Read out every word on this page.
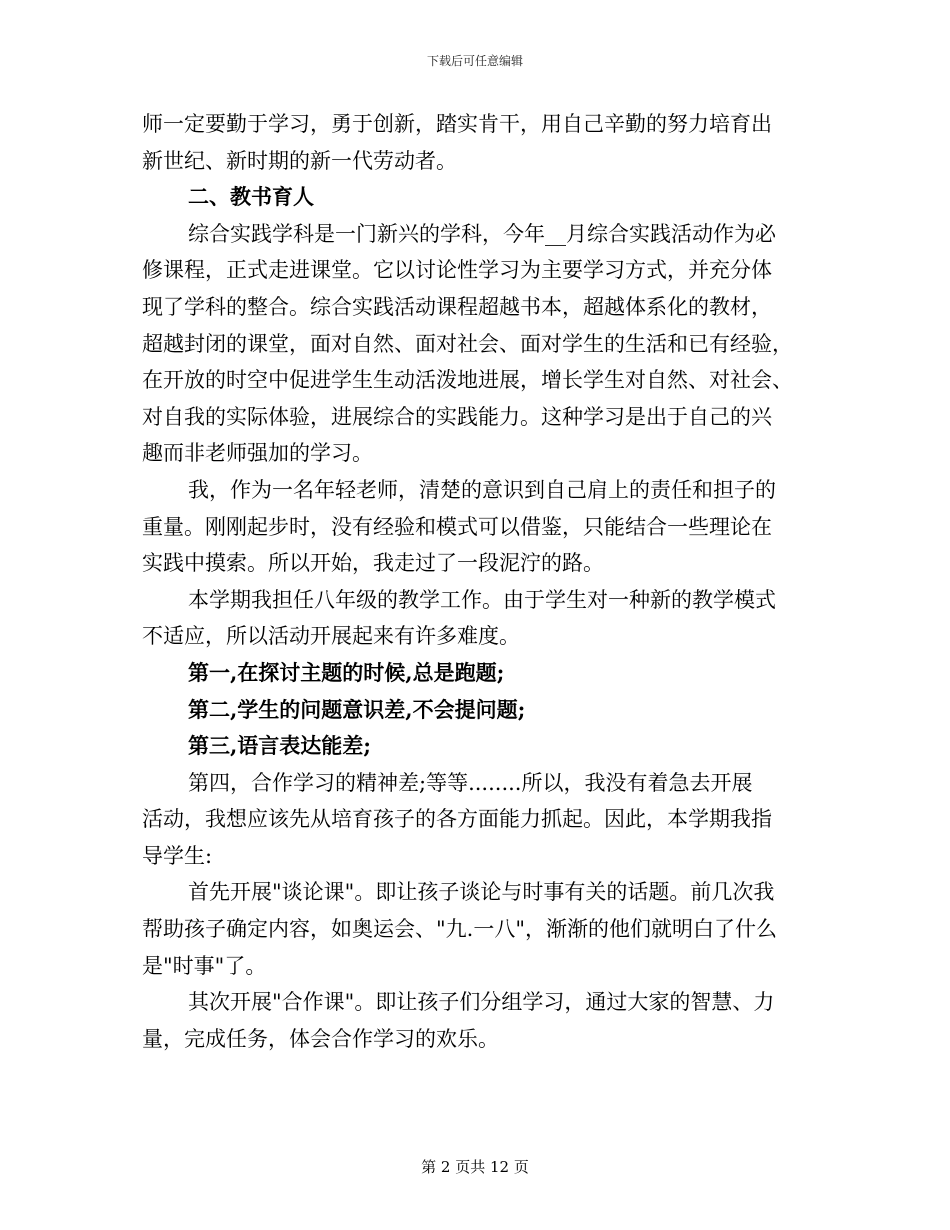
下载后可任意编辑
师一定要勤于学习，勇于创新，踏实肯干，用自己辛勤的努力培育出
新世纪、新时期的新一代劳动者。
二、教书育人
综合实践学科是一门新兴的学科，今年__月综合实践活动作为必
修课程，正式走进课堂。它以讨论性学习为主要学习方式，并充分体
现了学科的整合。综合实践活动课程超越书本，超越体系化的教材，
超越封闭的课堂，面对自然、面对社会、面对学生的生活和已有经验，
在开放的时空中促进学生生动活泼地进展，增长学生对自然、对社会、
对自我的实际体验，进展综合的实践能力。这种学习是出于自己的兴
趣而非老师强加的学习。
我，作为一名年轻老师，清楚的意识到自己肩上的责任和担子的
重量。刚刚起步时，没有经验和模式可以借鉴，只能结合一些理论在
实践中摸索。所以开始，我走过了一段泥泞的路。
本学期我担任八年级的教学工作。由于学生对一种新的教学模式
不适应，所以活动开展起来有许多难度。
第一,在探讨主题的时候,总是跑题;
第二,学生的问题意识差,不会提问题;
第三,语言表达能差;
第四，合作学习的精神差;等等........所以，我没有着急去开展
活动，我想应该先从培育孩子的各方面能力抓起。因此，本学期我指
导学生:
首先开展"谈论课"。即让孩子谈论与时事有关的话题。前几次我
帮助孩子确定内容，如奥运会、"九.一八"，渐渐的他们就明白了什么
是"时事"了。
其次开展"合作课"。即让孩子们分组学习，通过大家的智慧、力
量，完成任务，体会合作学习的欢乐。
第 2 页共 12 页
